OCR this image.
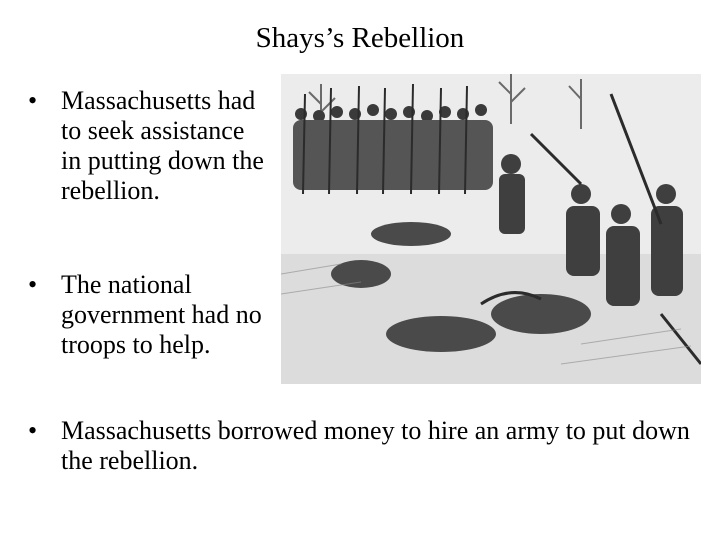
Shays’s Rebellion
• Massachusetts had to seek assistance in putting down the rebellion.
• The national government had no troops to help.
• Massachusetts borrowed money to hire an army to put down the rebellion.
